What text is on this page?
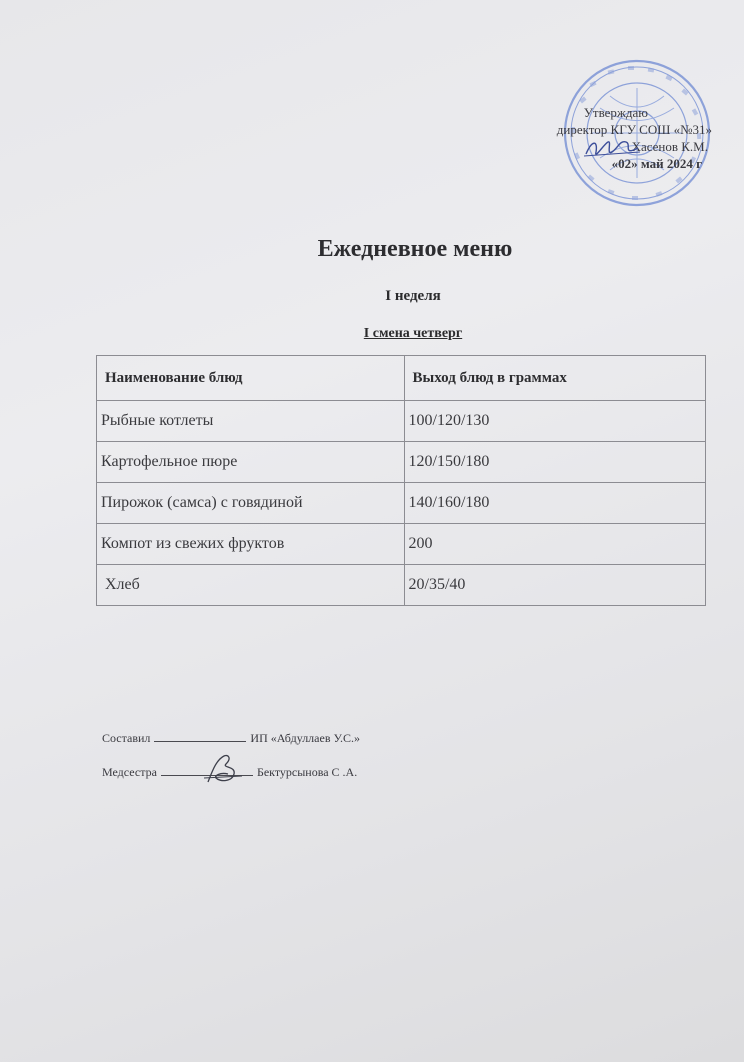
Утверждаю
директор КГУ СОШ «№31»
Хасенов К.М.
«02» май 2024 г
Ежедневное меню
I неделя
I смена четверг
Наименование блюд	Выход блюд в граммах
Рыбные котлеты	100/120/130
Картофельное пюре	120/150/180
Пирожок (самса) с говядиной	140/160/180
Компот из свежих фруктов	200
Хлеб	20/35/40
Составил	ИП «Абдуллаев У.С.»
Медсестра	Бектурсынова С .А.
